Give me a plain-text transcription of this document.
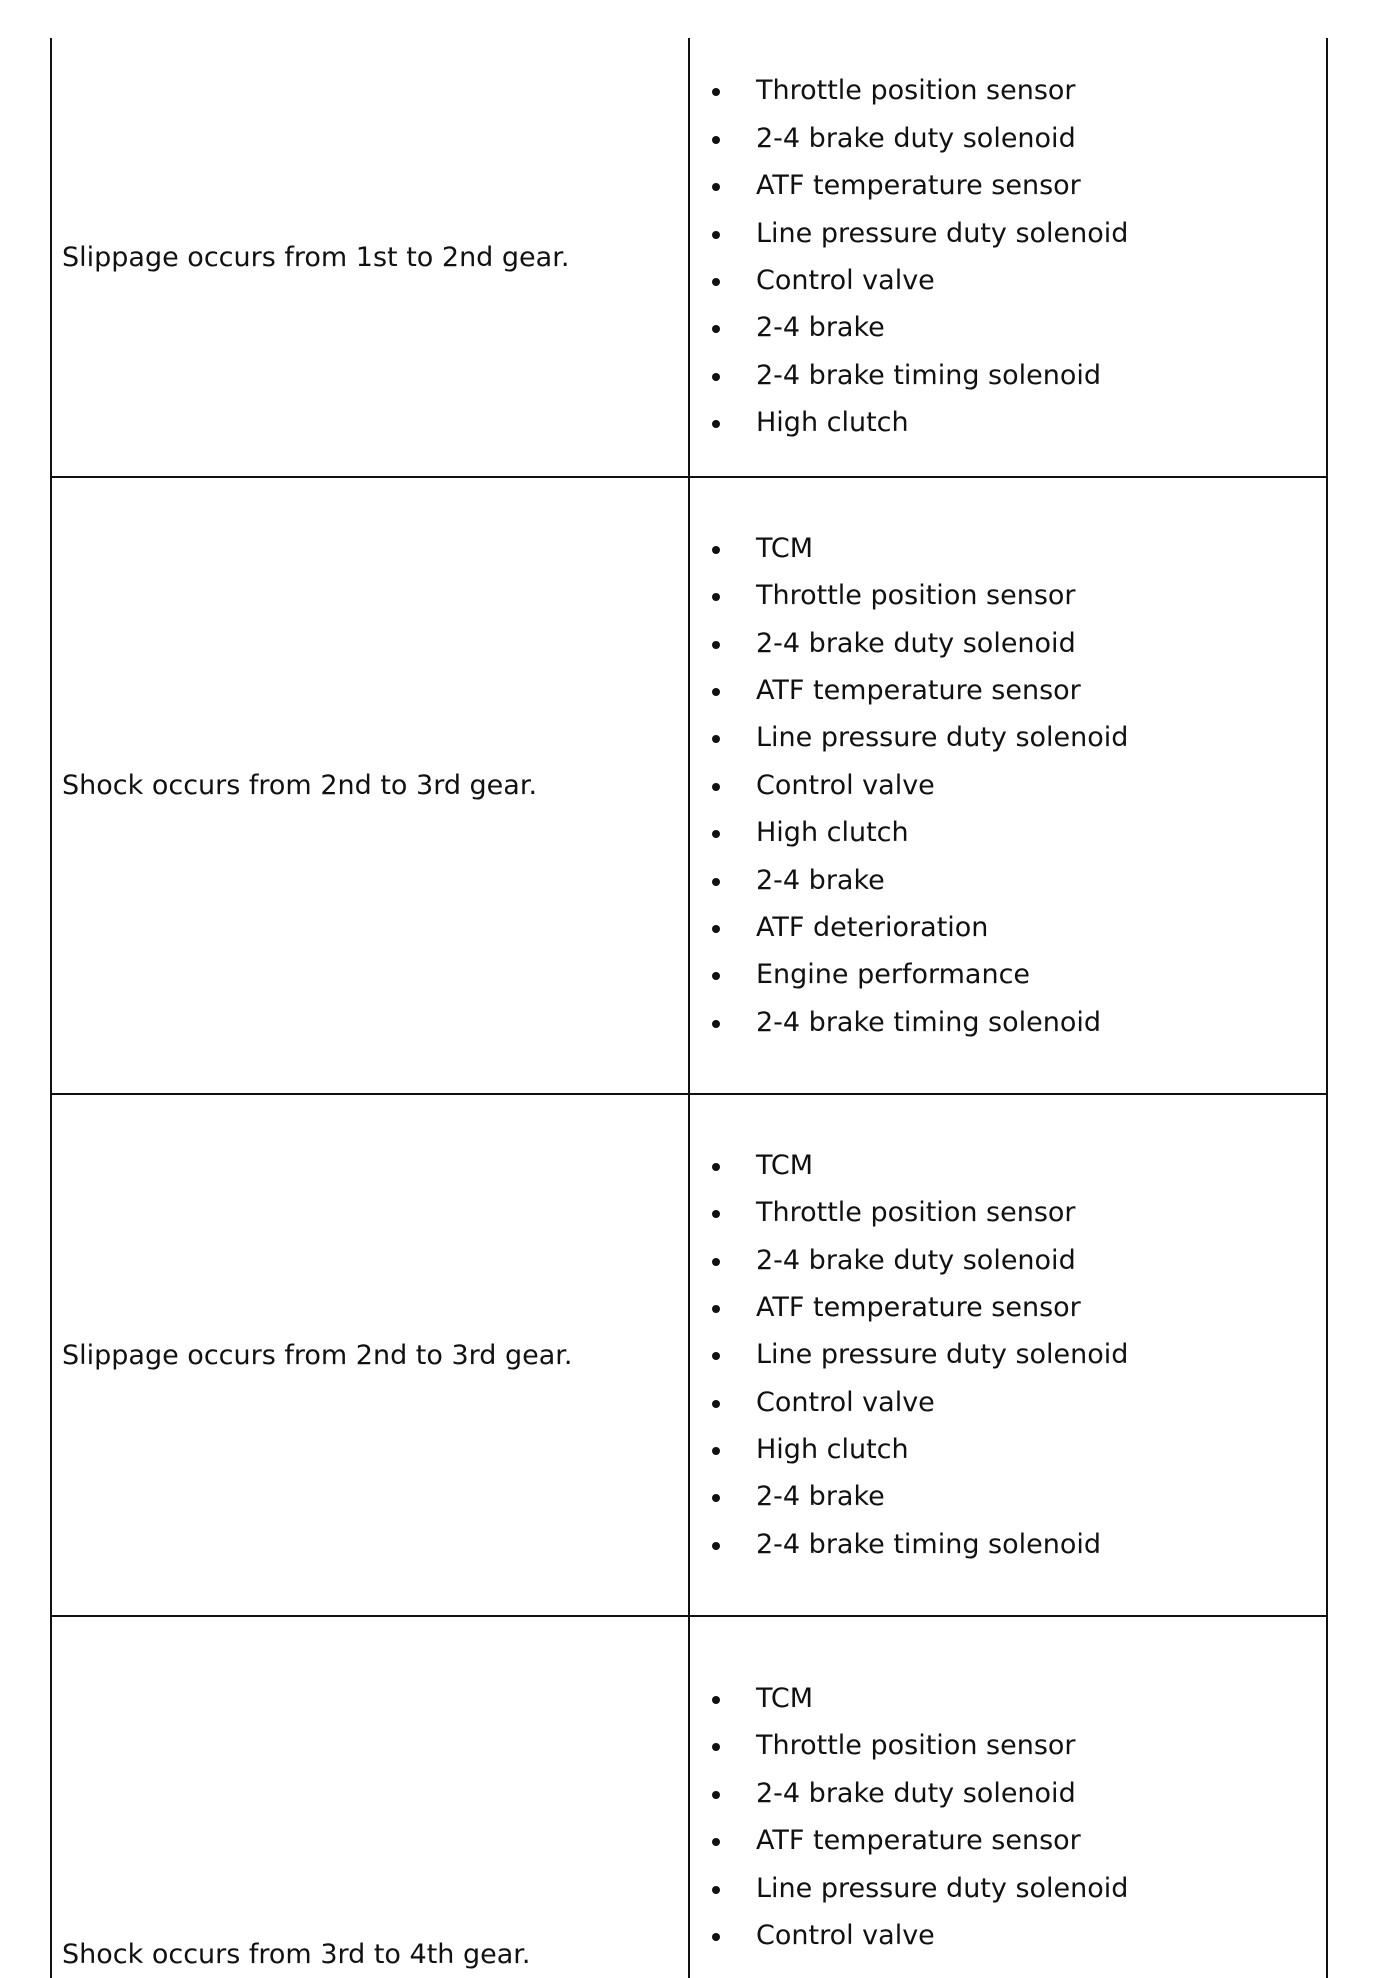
Slippage occurs from 1st to 2nd gear.
Throttle position sensor
2-4 brake duty solenoid
ATF temperature sensor
Line pressure duty solenoid
Control valve
2-4 brake
2-4 brake timing solenoid
High clutch
Shock occurs from 2nd to 3rd gear.
TCM
Throttle position sensor
2-4 brake duty solenoid
ATF temperature sensor
Line pressure duty solenoid
Control valve
High clutch
2-4 brake
ATF deterioration
Engine performance
2-4 brake timing solenoid
Slippage occurs from 2nd to 3rd gear.
TCM
Throttle position sensor
2-4 brake duty solenoid
ATF temperature sensor
Line pressure duty solenoid
Control valve
High clutch
2-4 brake
2-4 brake timing solenoid
Shock occurs from 3rd to 4th gear.
TCM
Throttle position sensor
2-4 brake duty solenoid
ATF temperature sensor
Line pressure duty solenoid
Control valve
